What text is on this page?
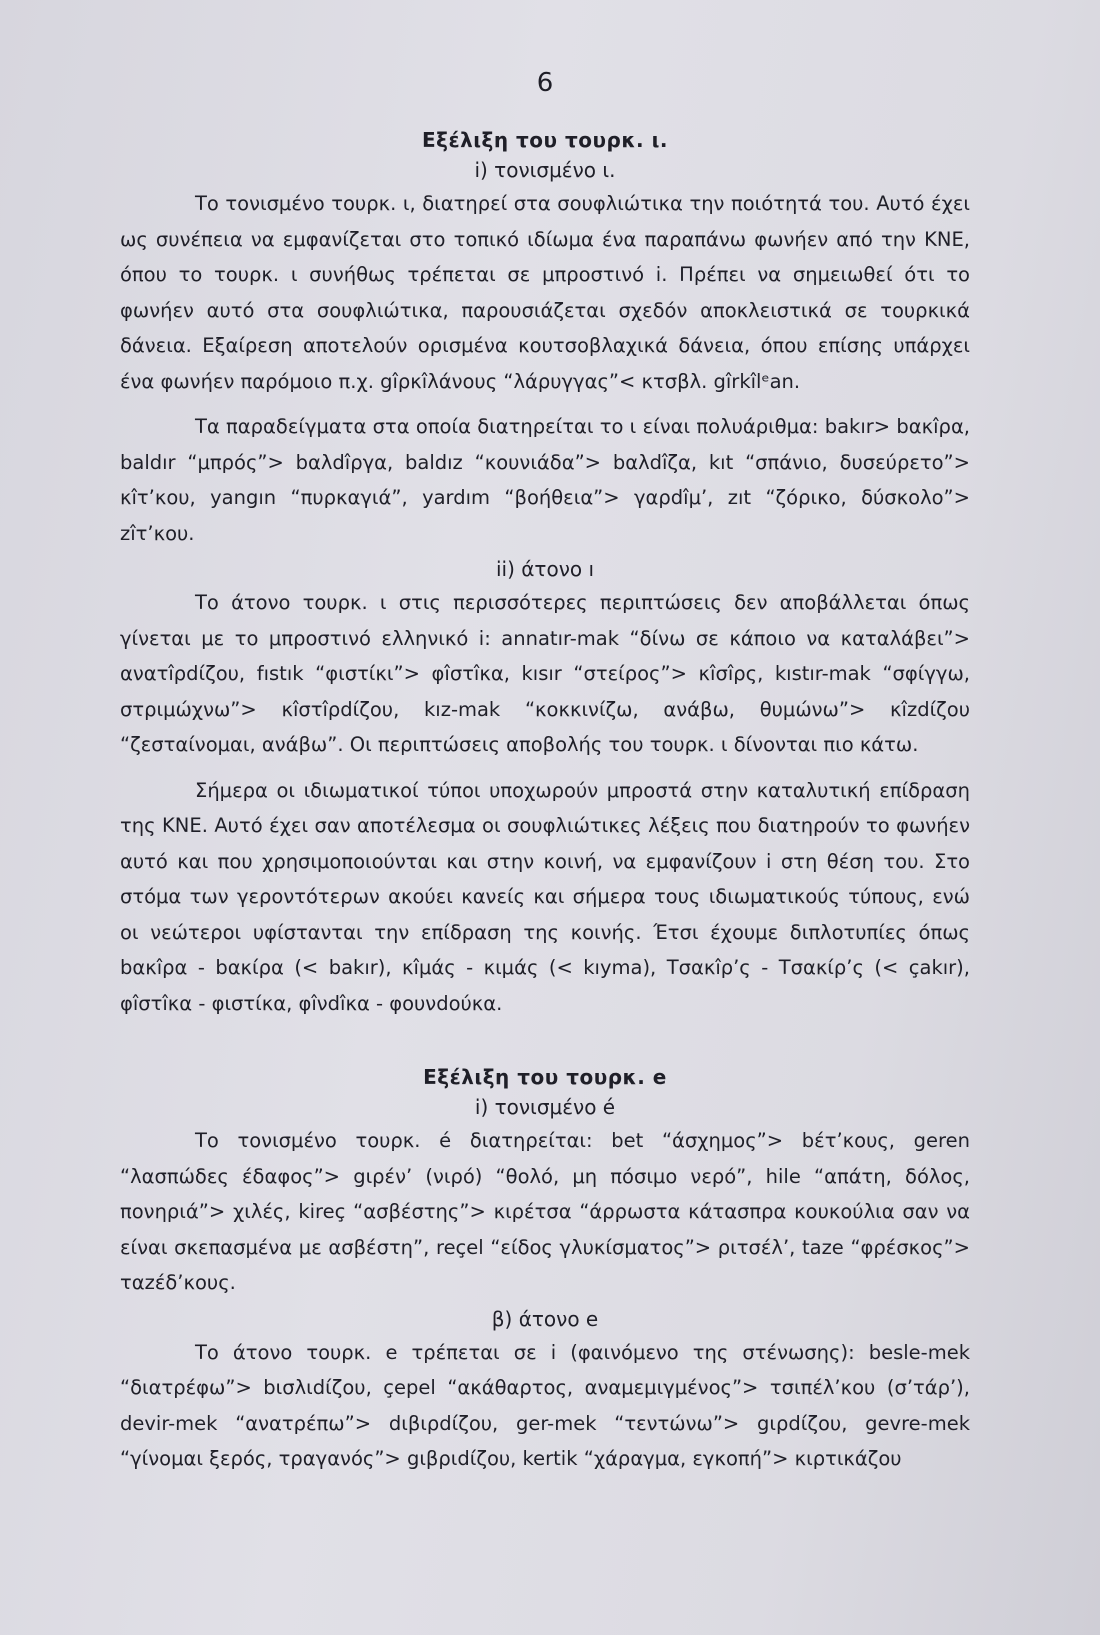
6
Εξέλιξη του τουρκ. ι.
i) τονισμένο ι.

Το τονισμένο τουρκ. ι, διατηρεί στα σουφλιώτικα την ποιότητά του. Αυτό έχει ως συνέπεια να εμφανίζεται στο τοπικό ιδίωμα ένα παραπάνω φωνήεν από την ΚΝΕ, όπου το τουρκ. ι συνήθως τρέπεται σε μπροστινό i. Πρέπει να σημειωθεί ότι το φωνήεν αυτό στα σουφλιώτικα, παρουσιάζεται σχεδόν αποκλειστικά σε τουρκικά δάνεια. Εξαίρεση αποτελούν ορισμένα κουτσοβλαχικά δάνεια, όπου επίσης υπάρχει ένα φωνήεν παρόμοιο π.χ. gîρκîλάνους “λάρυγγας”< κτσβλ. gîrkîlᵉan.

Τα παραδείγματα στα οποία διατηρείται το ι είναι πολυάριθμα: bakır> bακîρα, baldır “μπρός”> bαλdîργα, baldız “κουνιάδα”> bαλdîζα, kıt “σπάνιο, δυσεύρετο”> κîτ’κου, yangın “πυρκαγιά”, yardım “βοήθεια”> γαρdîμ’, zıt “ζόρικο, δύσκολο”> zîτ’κου.

ii) άτονο ı

Το άτονο τουρκ. ι στις περισσότερες περιπτώσεις δεν αποβάλλεται όπως γίνεται με το μπροστινό ελληνικό i: annatır-mak “δίνω σε κάποιο να καταλάβει”> ανατîρdίζου, fıstık “φιστίκι”> φîστîκα, kısır “στείρος”> κîσîρς, kıstır-mak “σφίγγω, στριμώχνω”> κîστîρdίζου, kız-mak “κοκκινίζω, ανάβω, θυμώνω”> κîzdίζου “ζεσταίνομαι, ανάβω”. Οι περιπτώσεις αποβολής του τουρκ. ι δίνονται πιο κάτω.

Σήμερα οι ιδιωματικοί τύποι υποχωρούν μπροστά στην καταλυτική επίδραση της ΚΝΕ. Αυτό έχει σαν αποτέλεσμα οι σουφλιώτικες λέξεις που διατηρούν το φωνήεν αυτό και που χρησιμοποιούνται και στην κοινή, να εμφανίζουν i στη θέση του. Στο στόμα των γεροντότερων ακούει κανείς και σήμερα τους ιδιωματικούς τύπους, ενώ οι νεώτεροι υφίστανται την επίδραση της κοινής. Έτσι έχουμε διπλοτυπίες όπως bακîρα - bακίρα (< bakır), κîμάς - κιμάς (< kıyma), Τσακîρ’ς - Τσακίρ’ς (< çakır), φîστîκα - φιστίκα, φîνdîκα - φουνdούκα.

Εξέλιξη του τουρκ. e
i) τονισμένο é

Το τονισμένο τουρκ. é διατηρείται: bet “άσχημος”> bέτ’κους, geren “λασπώδες έδαφος”> gιρέν’ (νιρό) “θολό, μη πόσιμο νερό”, hile “απάτη, δόλος, πονηριά”> χιλές, kireç “ασβέστης”> κιρέτσα “άρρωστα κάτασπρα κουκούλια σαν να είναι σκεπασμένα με ασβέστη”, reçel “είδος γλυκίσματος”> ριτσέλ’, taze “φρέσκος”> ταzέδ’κους.

β) άτονο e

Το άτονο τουρκ. e τρέπεται σε i (φαινόμενο της στένωσης): besle-mek “διατρέφω”> bισλιdίζου, çepel “ακάθαρτος, αναμεμιγμένος”> τσιπέλ’κου (σ’τάρ’), devir-mek “ανατρέπω”> dιβιρdίζου, ger-mek “τεντώνω”> gιρdίζου, gevre-mek “γίνομαι ξερός, τραγανός”> gιβριdίζου, kertik “χάραγμα, εγκοπή”> κιρτικάζου
